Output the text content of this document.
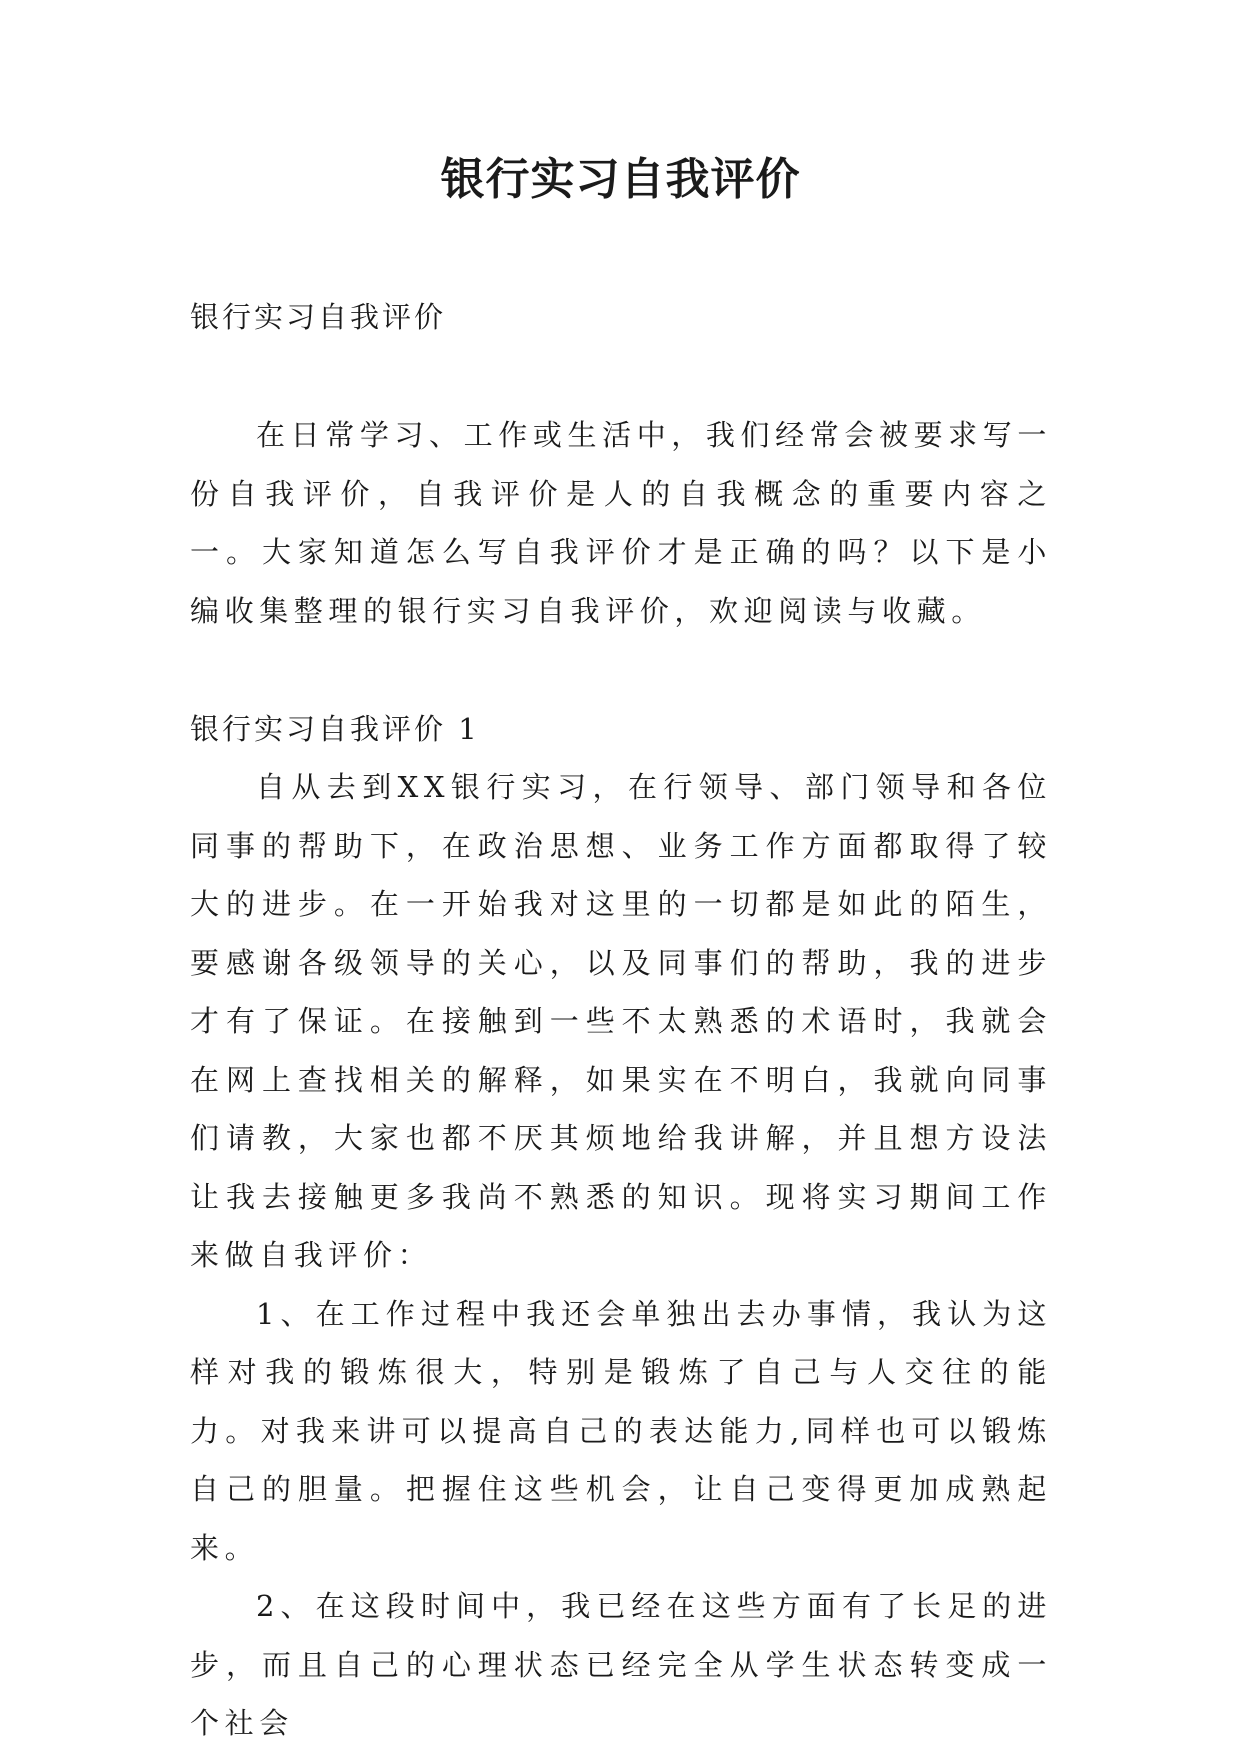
银行实习自我评价

银行实习自我评价

在日常学习、工作或生活中，我们经常会被要求写一份自我评价，自我评价是人的自我概念的重要内容之一。大家知道怎么写自我评价才是正确的吗？以下是小编收集整理的银行实习自我评价，欢迎阅读与收藏。

银行实习自我评价 1

自从去到XX银行实习，在行领导、部门领导和各位同事的帮助下，在政治思想、业务工作方面都取得了较大的进步。在一开始我对这里的一切都是如此的陌生，要感谢各级领导的关心，以及同事们的帮助，我的进步才有了保证。在接触到一些不太熟悉的术语时，我就会在网上查找相关的解释，如果实在不明白，我就向同事们请教，大家也都不厌其烦地给我讲解，并且想方设法让我去接触更多我尚不熟悉的知识。现将实习期间工作来做自我评价：

1、在工作过程中我还会单独出去办事情，我认为这样对我的锻炼很大，特别是锻炼了自己与人交往的能力。对我来讲可以提高自己的表达能力,同样也可以锻炼自己的胆量。把握住这些机会，让自己变得更加成熟起来。

2、在这段时间中，我已经在这些方面有了长足的进步，而且自己的心理状态已经完全从学生状态转变成一个社会
